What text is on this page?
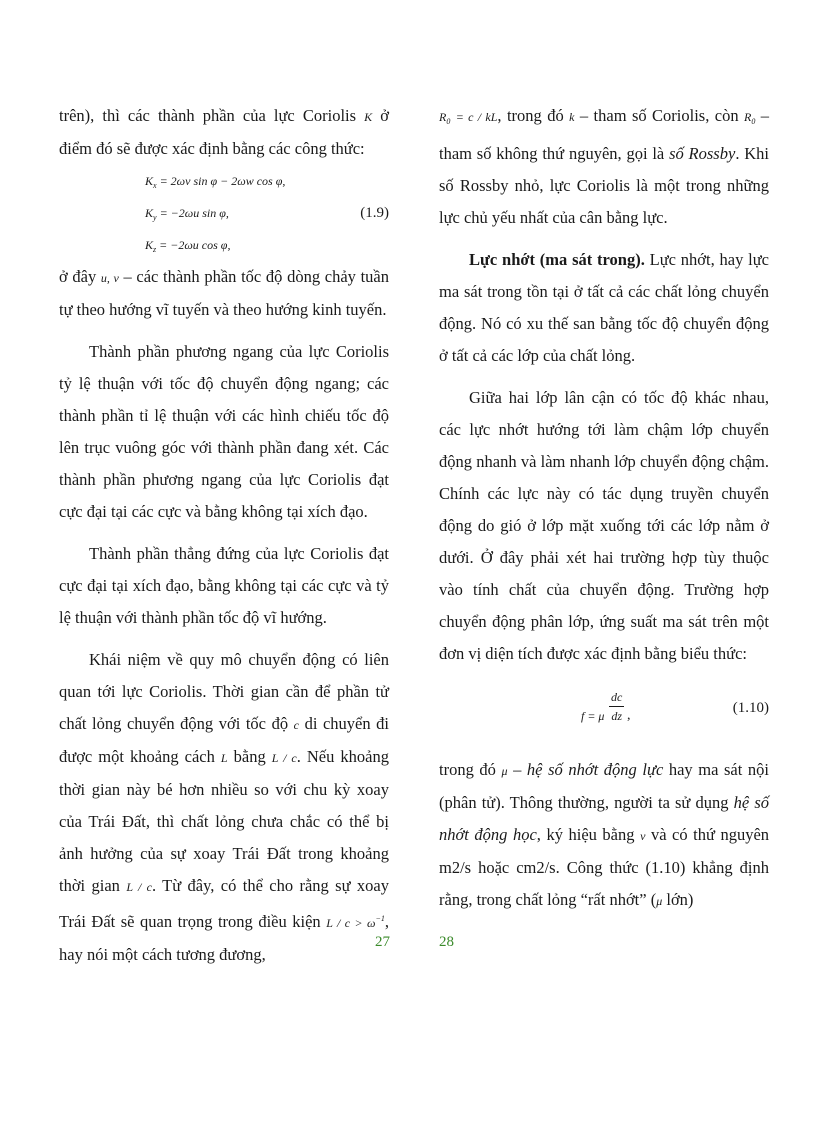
trên), thì các thành phần của lực Coriolis K ở điểm đó sẽ được xác định bằng các công thức:

$K_x = 2\omega v$ sin φ − 2ωw cos φ,
$K_y = -2\omega u$ sin φ,	(1.9)
$K_z = -2\omega u$ cos φ,

ở đây u, v – các thành phần tốc độ dòng chảy tuần tự theo hướng vĩ tuyến và theo hướng kinh tuyến.

Thành phần phương ngang của lực Coriolis tỷ lệ thuận với tốc độ chuyển động ngang; các thành phần tỉ lệ thuận với các hình chiếu tốc độ lên trục vuông góc với thành phần đang xét. Các thành phần phương ngang của lực Coriolis đạt cực đại tại các cực và bằng không tại xích đạo.

Thành phần thẳng đứng của lực Coriolis đạt cực đại tại xích đạo, bằng không tại các cực và tỷ lệ thuận với thành phần tốc độ vĩ hướng.

Khái niệm về quy mô chuyển động có liên quan tới lực Coriolis. Thời gian cần để phần tử chất lỏng chuyển động với tốc độ c di chuyển đi được một khoảng cách L bằng L / c. Nếu khoảng thời gian này bé hơn nhiều so với chu kỳ xoay của Trái Đất, thì chất lỏng chưa chắc có thể bị ảnh hưởng của sự xoay Trái Đất trong khoảng thời gian L / c. Từ đây, có thể cho rằng sự xoay Trái Đất sẽ quan trọng trong điều kiện $L / c > \omega^{-1}$, hay nói một cách tương đương,

27

$R_0 = c$ / kL, trong đó k – tham số Coriolis, còn $R_0$ – tham số không thứ nguyên, gọi là số Rossby. Khi số Rossby nhỏ, lực Coriolis là một trong những lực chủ yếu nhất của cân bằng lực.

Lực nhớt (ma sát trong). Lực nhớt, hay lực ma sát trong tồn tại ở tất cả các chất lỏng chuyển động. Nó có xu thế san bằng tốc độ chuyển động ở tất cả các lớp của chất lỏng.

Giữa hai lớp lân cận có tốc độ khác nhau, các lực nhớt hướng tới làm chậm lớp chuyển động nhanh và làm nhanh lớp chuyển động chậm. Chính các lực này có tác dụng truyền chuyển động do gió ở lớp mặt xuống tới các lớp nằm ở dưới. Ở đây phải xét hai trường hợp tùy thuộc vào tính chất của chuyển động. Trường hợp chuyển động phân lớp, ứng suất ma sát trên một đơn vị diện tích được xác định bằng biểu thức:

f = μ $\frac{dc}{dz}$ ,	(1.10)

trong đó μ – hệ số nhớt động lực hay ma sát nội (phân tử). Thông thường, người ta sử dụng hệ số nhớt động học, ký hiệu bằng ν và có thứ nguyên m2/s hoặc cm2/s. Công thức (1.10) khẳng định rằng, trong chất lỏng “rất nhớt” (μ lớn)

28
